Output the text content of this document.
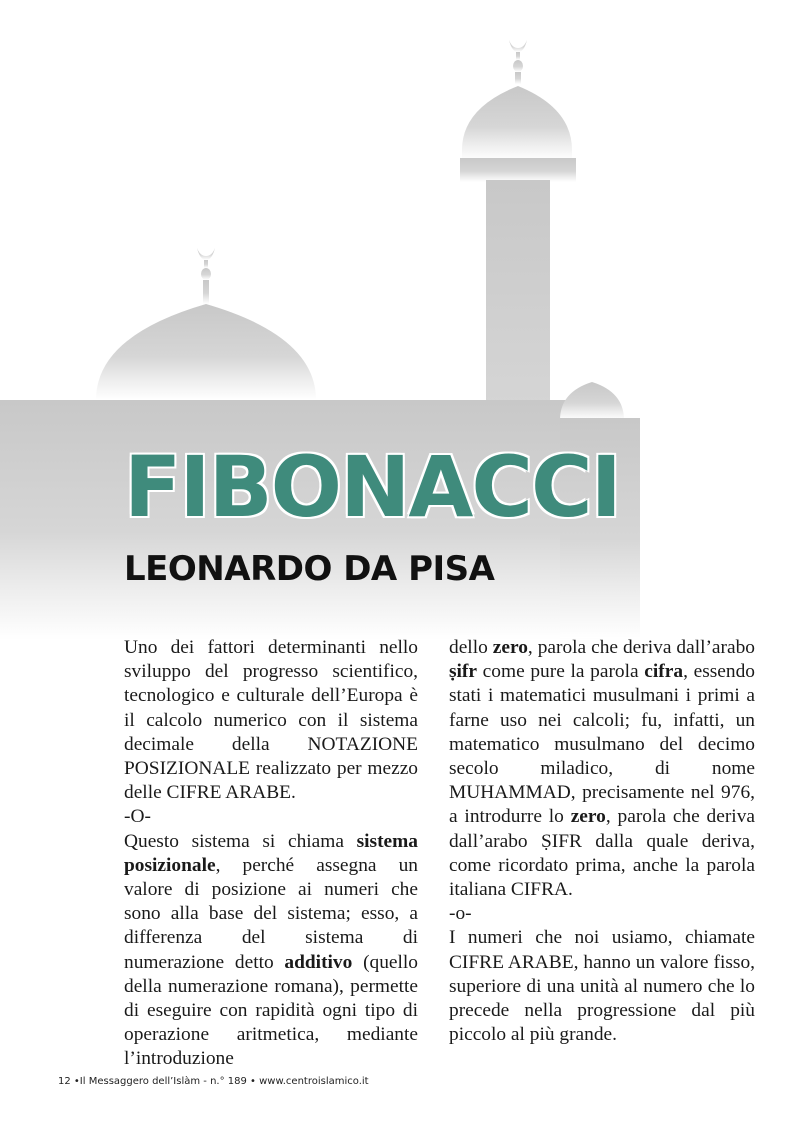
FIBONACCI
LEONARDO DA PISA

Uno dei fattori determinanti nello sviluppo del progresso scientifico, tecnologico e culturale dell’Europa è il calcolo numerico con il sistema decimale della NOTAZIONE POSIZIONALE realizzato per mezzo delle CIFRE ARABE.

-O-

Questo sistema si chiama sistema posizionale, perché assegna un valore di posizione ai numeri che sono alla base del sistema; esso, a differenza del sistema di numerazione detto additivo (quello della numerazione romana), permette di eseguire con rapidità ogni tipo di operazione aritmetica, mediante l’introduzione

dello zero, parola che deriva dall’arabo ṣifr come pure la parola cifra, essendo stati i matematici musulmani i primi a farne uso nei calcoli; fu, infatti, un matematico musulmano del decimo secolo miladico, di nome MUHAMMAD, precisamente nel 976, a introdurre lo zero, parola che deriva dall’arabo ṢIFR dalla quale deriva, come ricordato prima, anche la parola italiana CIFRA.

-o-

I numeri che noi usiamo, chiamate CIFRE ARABE, hanno un valore fisso, superiore di una unità al numero che lo precede nella progressione dal più piccolo al più grande.

12 •Il Messaggero dell’Islàm - n.° 189 • www.centroislamico.it
